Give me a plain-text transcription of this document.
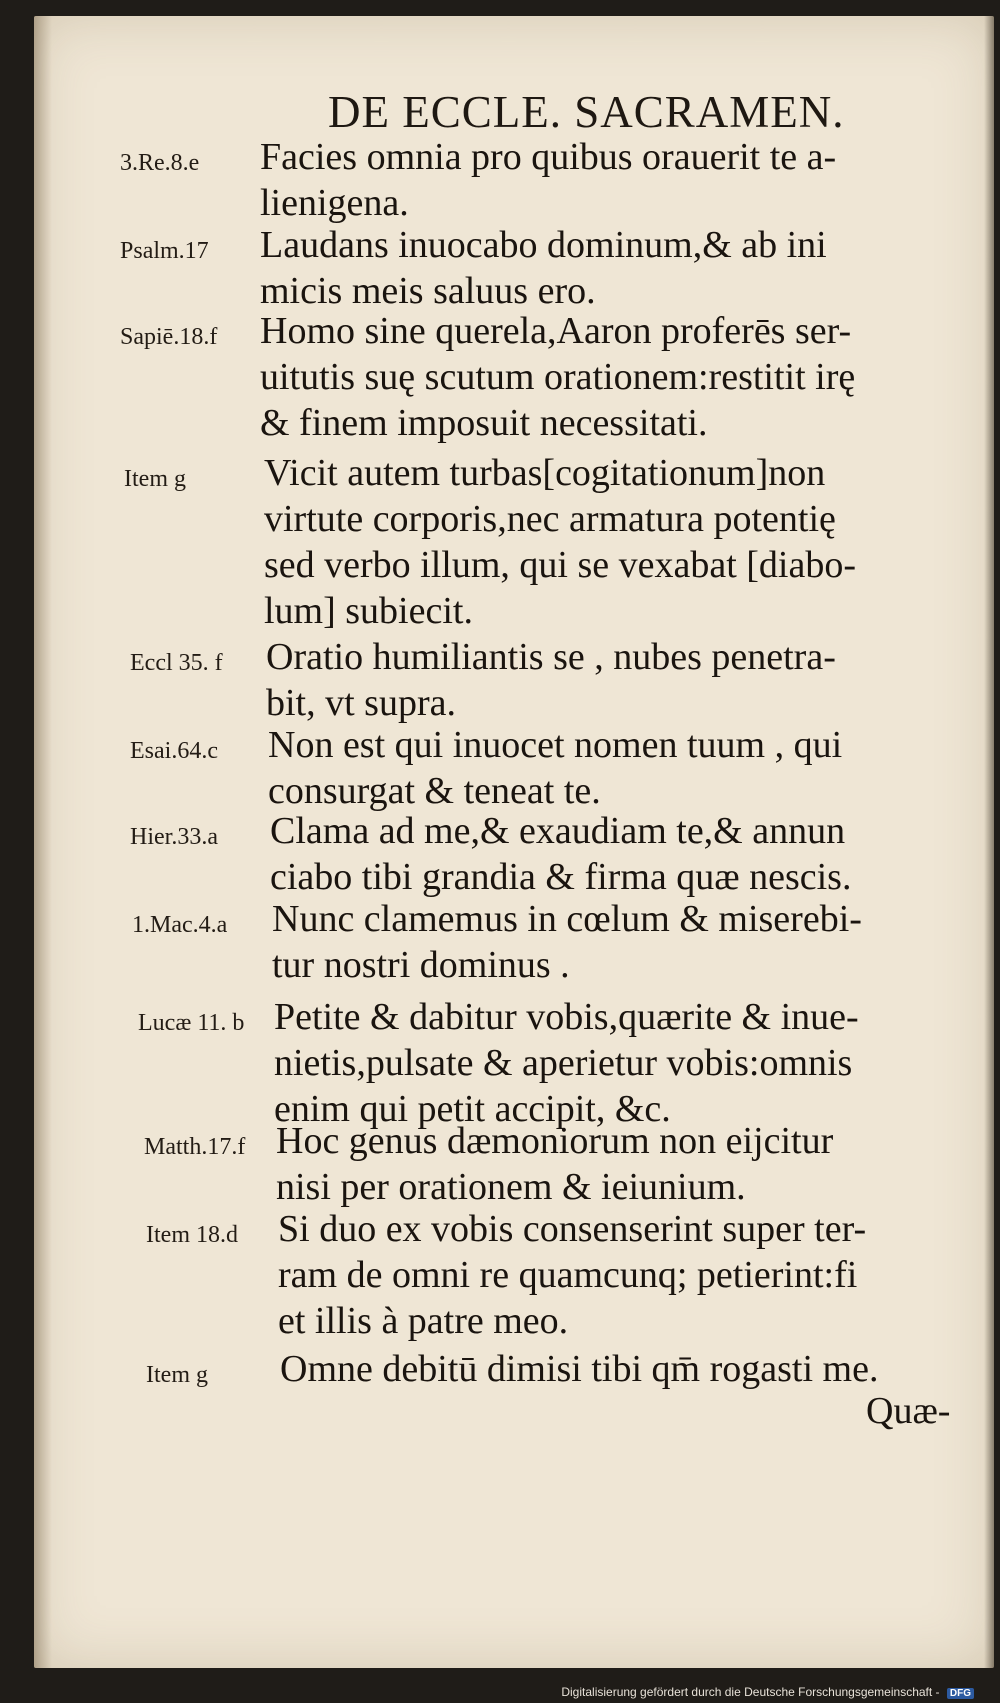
DE ECCLE. SACRAMEN.
3.Re.8.e Facies omnia pro quibus orauerit te a-
lienigena.
Psalm.17 Laudans inuocabo dominum,& ab ini
micis meis saluus ero.
Sapiē.18.f Homo sine querela,Aaron proferēs ser-
uitutis suę scutum orationem:restitit irę
& finem imposuit necessitati.
Item g Vicit autem turbas[cogitationum]non
virtute corporis,nec armatura potentię
sed verbo illum, qui se vexabat [diabo-
lum] subiecit.
Eccl 35. f Oratio humiliantis se , nubes penetra-
bit, vt supra.
Esai.64.c Non est qui inuocet nomen tuum , qui
consurgat & teneat te.
Hier.33.a Clama ad me,& exaudiam te,& annun
ciabo tibi grandia & firma quæ nescis.
1.Mac.4.a Nunc clamemus in cœlum & miserebi-
tur nostri dominus .
Lucæ 11. b Petite & dabitur vobis,quærite & inue-
nietis,pulsate & aperietur vobis:omnis
enim qui petit accipit, &c.
Matth.17.f Hoc genus dæmoniorum non eijcitur
nisi per orationem & ieiunium.
Item 18.d Si duo ex vobis consenserint super ter-
ram de omni re quamcunq; petierint:fi
et illis à patre meo.
Item g Omne debitū dimisi tibi qm̄ rogasti me.
Quæ-
Digitalisierung gefördert durch die Deutsche Forschungsgemeinschaft - DFG
